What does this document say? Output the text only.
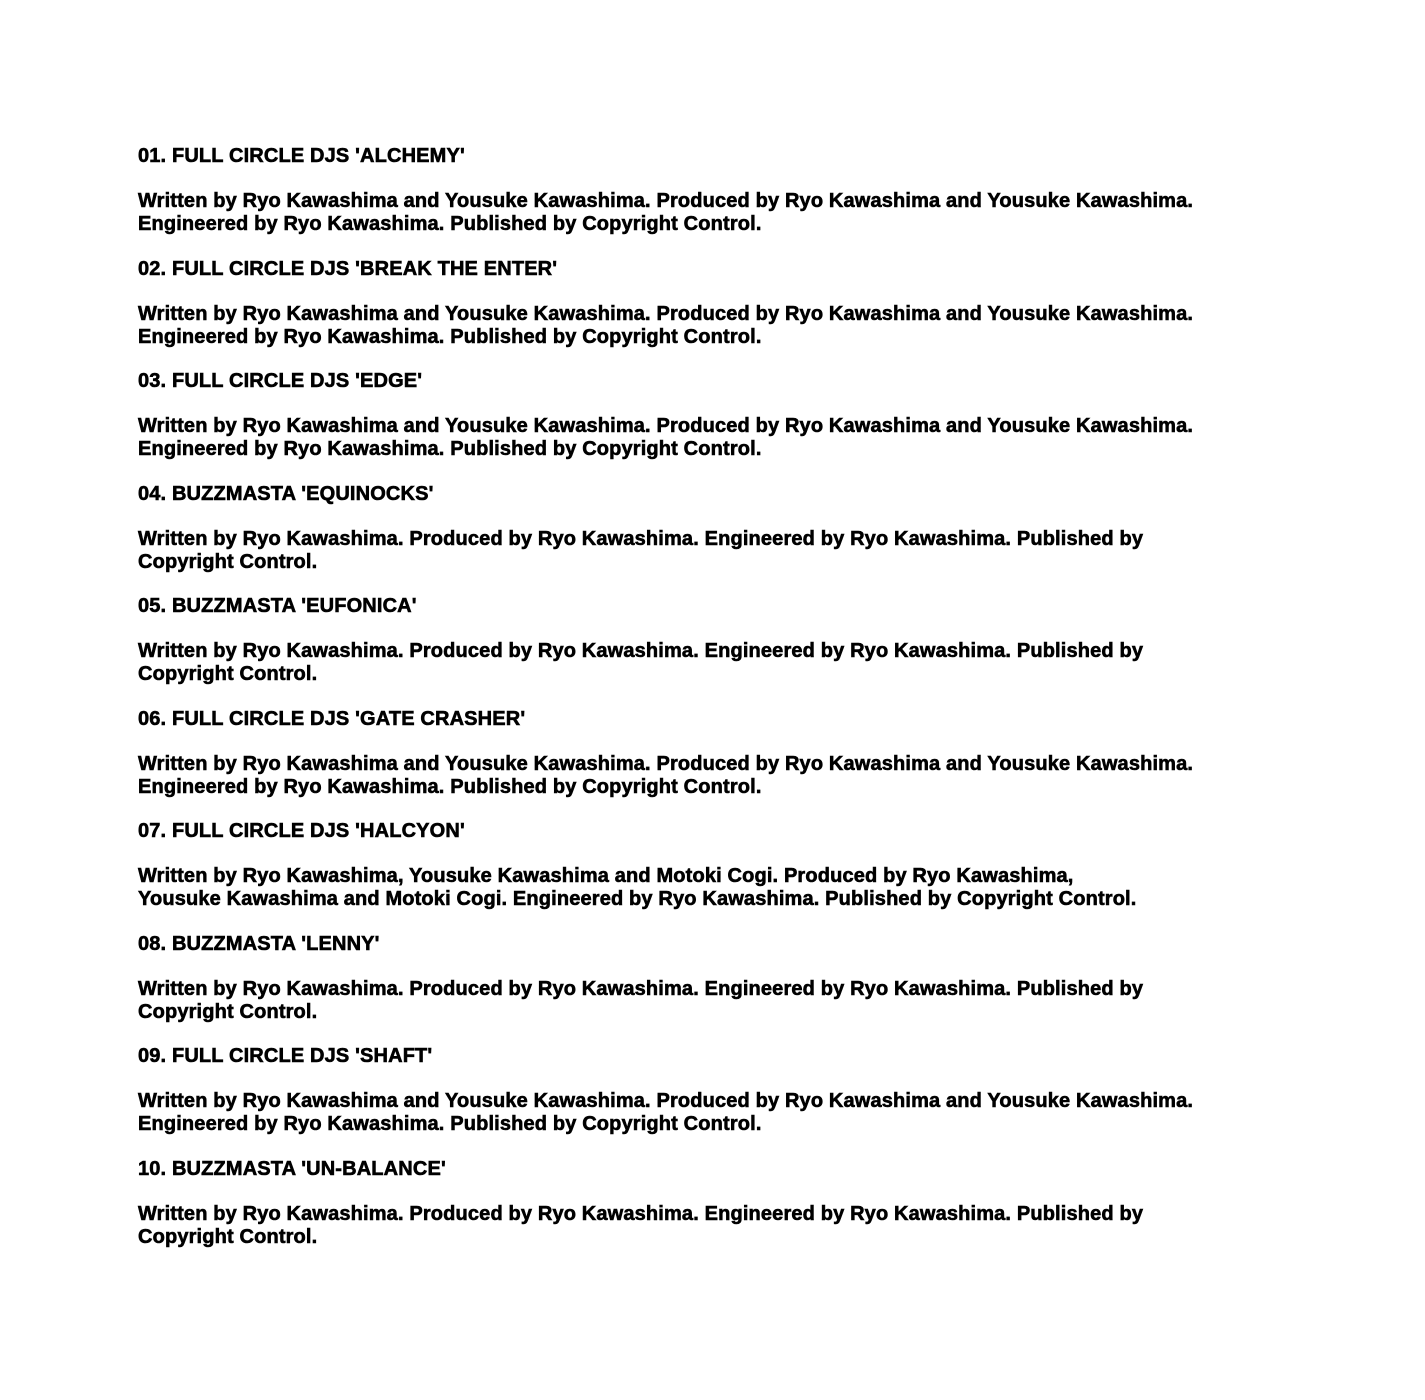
01. FULL CIRCLE DJS 'ALCHEMY'

Written by Ryo Kawashima and Yousuke Kawashima. Produced by Ryo Kawashima and Yousuke Kawashima.
Engineered by Ryo Kawashima. Published by Copyright Control.

02. FULL CIRCLE DJS 'BREAK THE ENTER'

Written by Ryo Kawashima and Yousuke Kawashima. Produced by Ryo Kawashima and Yousuke Kawashima.
Engineered by Ryo Kawashima. Published by Copyright Control.

03. FULL CIRCLE DJS 'EDGE'

Written by Ryo Kawashima and Yousuke Kawashima. Produced by Ryo Kawashima and Yousuke Kawashima.
Engineered by Ryo Kawashima. Published by Copyright Control.

04. BUZZMASTA 'EQUINOCKS'

Written by Ryo Kawashima. Produced by Ryo Kawashima. Engineered by Ryo Kawashima. Published by
Copyright Control.

05. BUZZMASTA 'EUFONICA'

Written by Ryo Kawashima. Produced by Ryo Kawashima. Engineered by Ryo Kawashima. Published by
Copyright Control.

06. FULL CIRCLE DJS 'GATE CRASHER'

Written by Ryo Kawashima and Yousuke Kawashima. Produced by Ryo Kawashima and Yousuke Kawashima.
Engineered by Ryo Kawashima. Published by Copyright Control.

07. FULL CIRCLE DJS 'HALCYON'

Written by Ryo Kawashima, Yousuke Kawashima and Motoki Cogi. Produced by Ryo Kawashima,
Yousuke Kawashima and Motoki Cogi. Engineered by Ryo Kawashima. Published by Copyright Control.

08. BUZZMASTA 'LENNY'

Written by Ryo Kawashima. Produced by Ryo Kawashima. Engineered by Ryo Kawashima. Published by
Copyright Control.

09. FULL CIRCLE DJS 'SHAFT'

Written by Ryo Kawashima and Yousuke Kawashima. Produced by Ryo Kawashima and Yousuke Kawashima.
Engineered by Ryo Kawashima. Published by Copyright Control.

10. BUZZMASTA 'UN-BALANCE'

Written by Ryo Kawashima. Produced by Ryo Kawashima. Engineered by Ryo Kawashima. Published by
Copyright Control.
